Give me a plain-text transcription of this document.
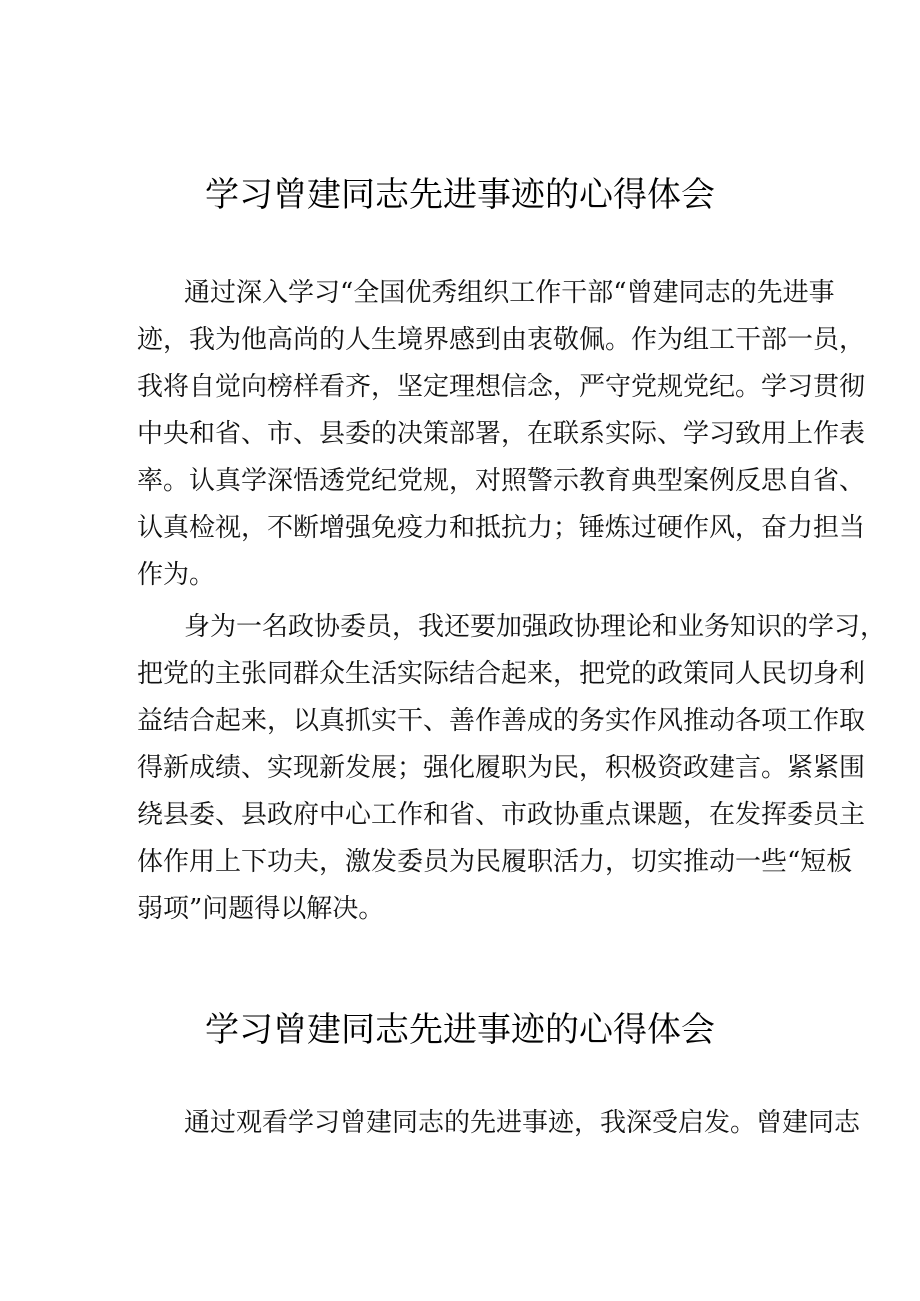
学习曾建同志先进事迹的心得体会
通过深入学习“全国优秀组织工作干部“曾建同志的先进事
迹，我为他高尚的人生境界感到由衷敬佩。作为组工干部一员，
我将自觉向榜样看齐，坚定理想信念，严守党规党纪。学习贯彻
中央和省、市、县委的决策部署，在联系实际、学习致用上作表
率。认真学深悟透党纪党规，对照警示教育典型案例反思自省、
认真检视，不断增强免疫力和抵抗力；锤炼过硬作风，奋力担当
作为。
身为一名政协委员，我还要加强政协理论和业务知识的学习，
把党的主张同群众生活实际结合起来，把党的政策同人民切身利
益结合起来，以真抓实干、善作善成的务实作风推动各项工作取
得新成绩、实现新发展；强化履职为民，积极资政建言。紧紧围
绕县委、县政府中心工作和省、市政协重点课题，在发挥委员主
体作用上下功夫，激发委员为民履职活力，切实推动一些“短板
弱项”问题得以解决。
学习曾建同志先进事迹的心得体会
通过观看学习曾建同志的先进事迹，我深受启发。曾建同志
